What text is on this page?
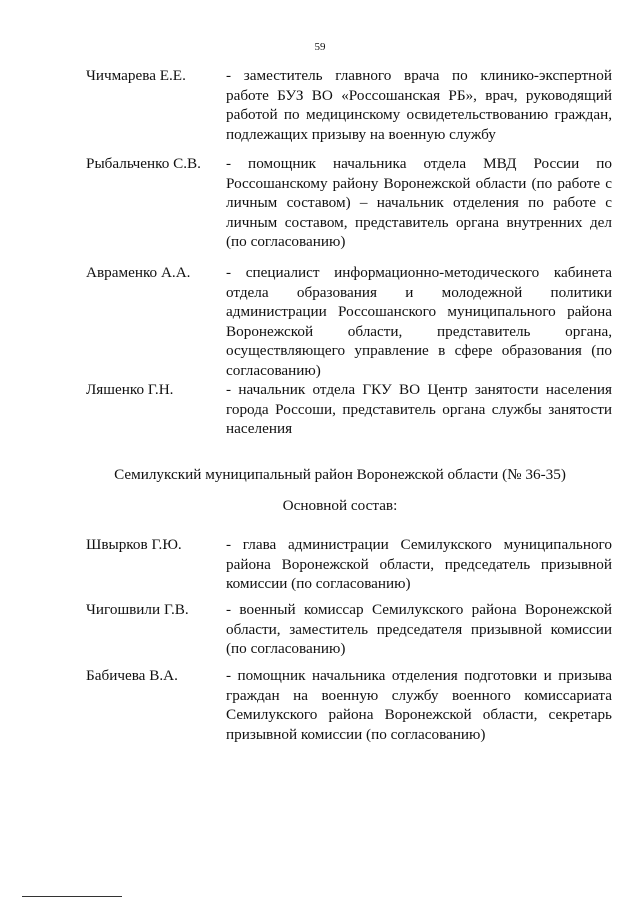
59
Чичмарева Е.Е.	- заместитель главного врача по клинико-экспертной работе БУЗ ВО «Россошанская РБ», врач, руководящий работой по медицинскому освидетельствованию граждан, подлежащих призыву на военную службу
Рыбальченко С.В.	- помощник начальника отдела МВД России по Россошанскому району Воронежской области (по работе с личным составом) – начальник отделения по работе с личным составом, представитель органа внутренних дел (по согласованию)
Авраменко А.А.	- специалист информационно-методического кабинета отдела образования и молодежной политики администрации Россошанского муниципального района Воронежской области, представитель органа, осуществляющего управление в сфере образования (по согласованию)
Ляшенко Г.Н.	- начальник отдела ГКУ ВО Центр занятости населения города Россоши, представитель органа службы занятости населения
Семилукский муниципальный район Воронежской области (№ 36-35)
Основной состав:
Швырков Г.Ю.	- глава администрации Семилукского муниципального района Воронежской области, председатель призывной комиссии (по согласованию)
Чигошвили Г.В.	- военный комиссар Семилукского района Воронежской области, заместитель председателя призывной комиссии (по согласованию)
Бабичева В.А.	- помощник начальника отделения подготовки и призыва граждан на военную службу военного комиссариата Семилукского района Воронежской области, секретарь призывной комиссии (по согласованию)
